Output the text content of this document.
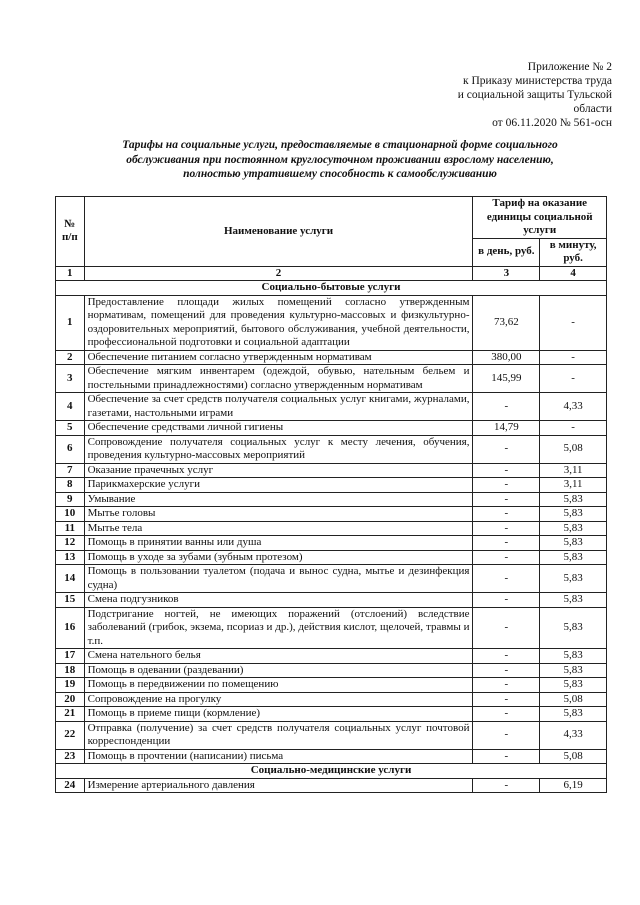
Приложение № 2
к Приказу министерства труда
и социальной защиты Тульской
области
от 06.11.2020 № 561-осн
Тарифы на социальные услуги, предоставляемые в стационарной форме социального
обслуживания при постоянном круглосуточном проживании взрослому населению,
полностью утратившему способность к самообслуживанию
№ п/п	Наименование услуги	Тариф на оказание единицы социальной услуги	
		в день, руб.	в минуту, руб.
1	2	3	4
Социально-бытовые услуги			
1	Предоставление площади жилых помещений согласно утвержденным нормативам, помещений для проведения культурно-массовых и физкультурно-оздоровительных мероприятий, бытового обслуживания, учебной деятельности, профессиональной подготовки и социальной адаптации	73,62	-
2	Обеспечение питанием согласно утвержденным нормативам	380,00	-
3	Обеспечение мягким инвентарем (одеждой, обувью, нательным бельем и постельными принадлежностями) согласно утвержденным нормативам	145,99	-
4	Обеспечение за счет средств получателя социальных услуг книгами, журналами, газетами, настольными играми	-	4,33
5	Обеспечение средствами личной гигиены	14,79	-
6	Сопровождение получателя социальных услуг к месту лечения, обучения, проведения культурно-массовых мероприятий	-	5,08
7	Оказание прачечных услуг	-	3,11
8	Парикмахерские услуги	-	3,11
9	Умывание	-	5,83
10	Мытье головы	-	5,83
11	Мытье тела	-	5,83
12	Помощь в принятии ванны или душа	-	5,83
13	Помощь в уходе за зубами (зубным протезом)	-	5,83
14	Помощь в пользовании туалетом (подача и вынос судна, мытье и дезинфекция судна)	-	5,83
15	Смена подгузников	-	5,83
16	Подстригание ногтей, не имеющих поражений (отслоений) вследствие заболеваний (грибок, экзема, псориаз и др.), действия кислот, щелочей, травмы и т.п.	-	5,83
17	Смена нательного белья	-	5,83
18	Помощь в одевании (раздевании)	-	5,83
19	Помощь в передвижении по помещению	-	5,83
20	Сопровождение на прогулку	-	5,08
21	Помощь в приеме пищи (кормление)	-	5,83
22	Отправка (получение) за счет средств получателя социальных услуг почтовой корреспонденции	-	4,33
23	Помощь в прочтении (написании) письма	-	5,08
Социально-медицинские услуги			
24	Измерение артериального давления	-	6,19
